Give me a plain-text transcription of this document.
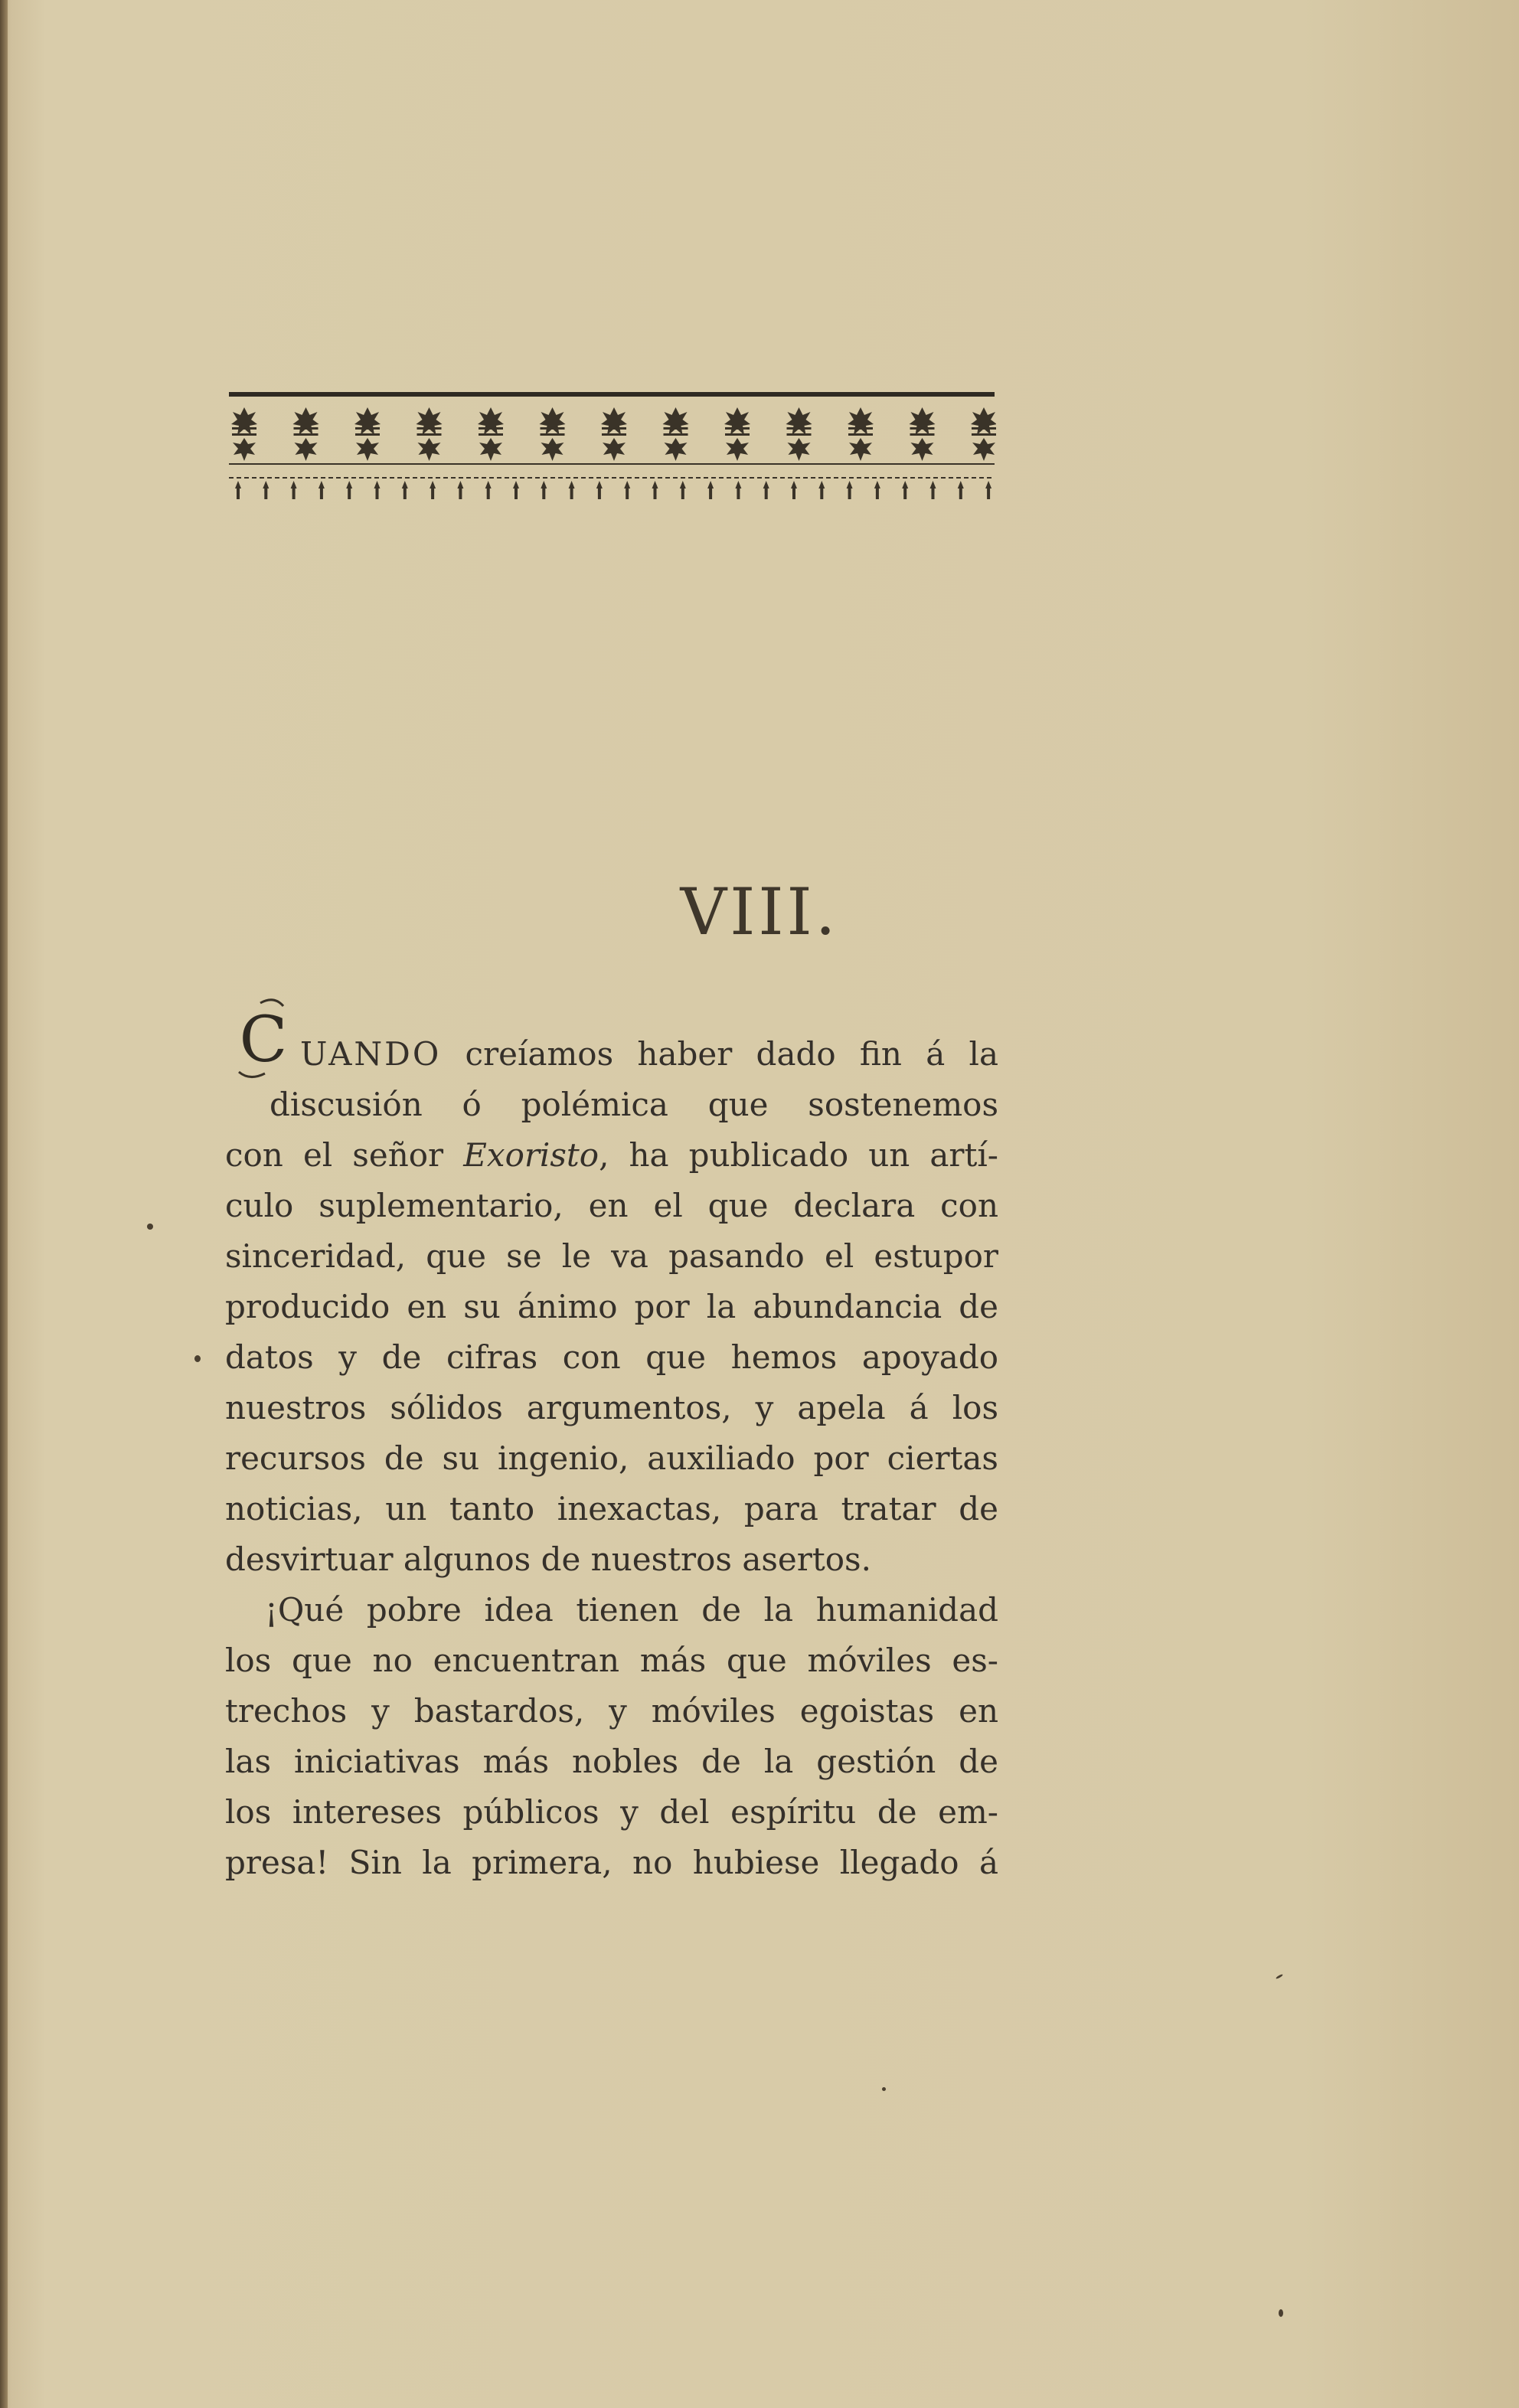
VIII.
C UANDO creíamos haber dado fin á la
discusión ó polémica que sostenemos
con el señor Exoristo, ha publicado un artí-
culo suplementario, en el que declara con
sinceridad, que se le va pasando el estupor
producido en su ánimo por la abundancia de
datos y de cifras con que hemos apoyado
nuestros sólidos argumentos, y apela á los
recursos de su ingenio, auxiliado por ciertas
noticias, un tanto inexactas, para tratar de
desvirtuar algunos de nuestros asertos.
¡Qué pobre idea tienen de la humanidad
los que no encuentran más que móviles es-
trechos y bastardos, y móviles egoistas en
las iniciativas más nobles de la gestión de
los intereses públicos y del espíritu de em-
presa! Sin la primera, no hubiese llegado á
